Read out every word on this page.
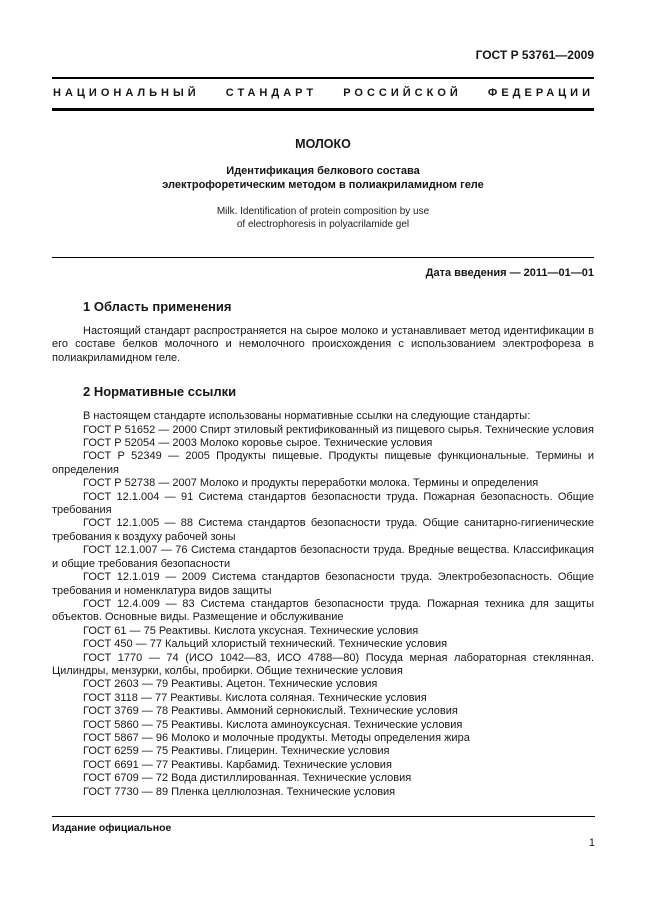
ГОСТ Р 53761—2009
НАЦИОНАЛЬНЫЙ СТАНДАРТ РОССИЙСКОЙ ФЕДЕРАЦИИ
МОЛОКО

Идентификация белкового состава
электрофоретическим методом в полиакриламидном геле

Milk. Identification of protein composition by use
of electrophoresis in polyacrilamide gel

Дата введения — 2011—01—01

1 Область применения

Настоящий стандарт распространяется на сырое молоко и устанавливает метод идентификации в его составе белков молочного и немолочного происхождения с использованием электрофореза в полиакриламидном геле.

2 Нормативные ссылки

В настоящем стандарте использованы нормативные ссылки на следующие стандарты:

ГОСТ Р 51652 — 2000 Спирт этиловый ректификованный из пищевого сырья. Технические условия

ГОСТ Р 52054 — 2003 Молоко коровье сырое. Технические условия

ГОСТ Р 52349 — 2005 Продукты пищевые. Продукты пищевые функциональные. Термины и определения

ГОСТ Р 52738 — 2007 Молоко и продукты переработки молока. Термины и определения

ГОСТ 12.1.004 — 91 Система стандартов безопасности труда. Пожарная безопасность. Общие требования

ГОСТ 12.1.005 — 88 Система стандартов безопасности труда. Общие санитарно-гигиенические требования к воздуху рабочей зоны

ГОСТ 12.1.007 — 76 Система стандартов безопасности труда. Вредные вещества. Классификация и общие требования безопасности

ГОСТ 12.1.019 — 2009 Система стандартов безопасности труда. Электробезопасность. Общие требования и номенклатура видов защиты

ГОСТ 12.4.009 — 83 Система стандартов безопасности труда. Пожарная техника для защиты объектов. Основные виды. Размещение и обслуживание

ГОСТ 61 — 75 Реактивы. Кислота уксусная. Технические условия

ГОСТ 450 — 77 Кальций хлористый технический. Технические условия

ГОСТ 1770 — 74 (ИСО 1042—83, ИСО 4788—80) Посуда мерная лабораторная стеклянная. Цилиндры, мензурки, колбы, пробирки. Общие технические условия

ГОСТ 2603 — 79 Реактивы. Ацетон. Технические условия

ГОСТ 3118 — 77 Реактивы. Кислота соляная. Технические условия

ГОСТ 3769 — 78 Реактивы. Аммоний сернокислый. Технические условия

ГОСТ 5860 — 75 Реактивы. Кислота аминоуксусная. Технические условия

ГОСТ 5867 — 96 Молоко и молочные продукты. Методы определения жира

ГОСТ 6259 — 75 Реактивы. Глицерин. Технические условия

ГОСТ 6691 — 77 Реактивы. Карбамид. Технические условия

ГОСТ 6709 — 72 Вода дистиллированная. Технические условия

ГОСТ 7730 — 89 Пленка целлюлозная. Технические условия

Издание официальное
1
